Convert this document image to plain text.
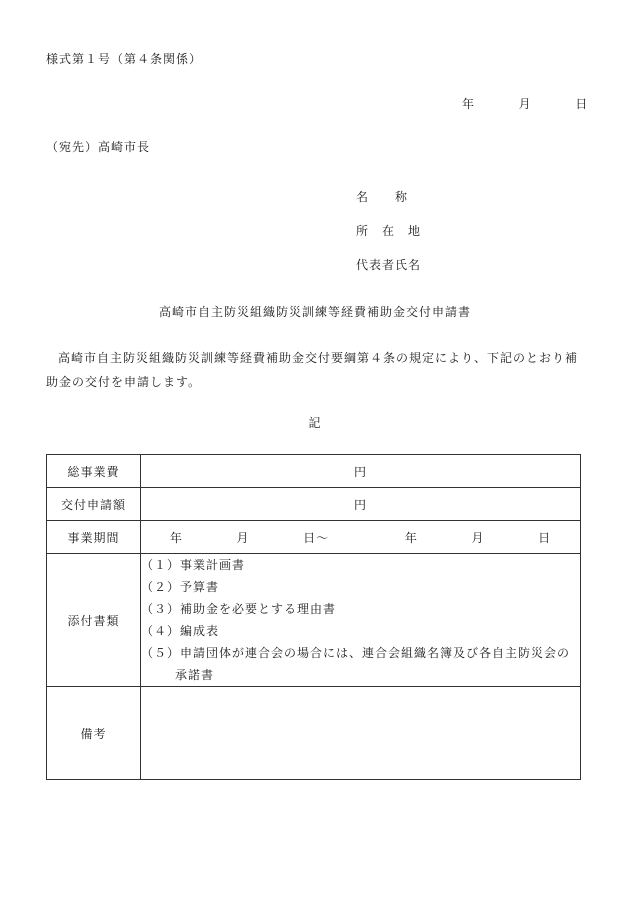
様式第１号（第４条関係）
年	月	日
（宛先）高崎市長
名　　称
所　在　地
代表者氏名
高崎市自主防災組織防災訓練等経費補助金交付申請書
高崎市自主防災組織防災訓練等経費補助金交付要綱第４条の規定により、下記のとおり補助金の交付を申請します。
記
総事業費	円
交付申請額	円
事業期間	年 月 日～ 年 月 日

添付書類	（１）事業計画書
（２）予算書
（３）補助金を必要とする理由書
（４）編成表
（５）申請団体が連合会の場合には、連合会組織名簿及び各自主防災会の承諾書

備考	
